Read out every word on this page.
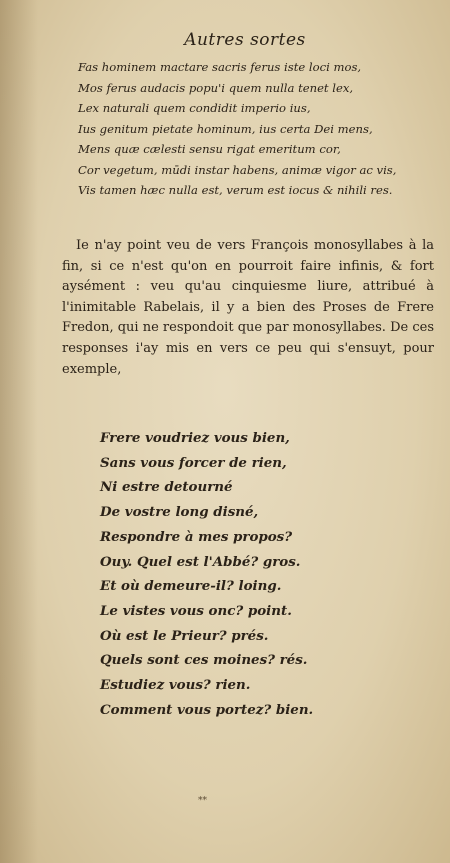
Autres sortes
Fas hominem mactare sacris ferus iste loci mos,
Mos ferus audacis popu'i quem nulla tenet lex,
Lex naturali quem condidit imperio ius,
Ius genitum pietate hominum, ius certa Dei mens,
Mens quæ cælesti sensu rigat emeritum cor,
Cor vegetum, mūdi instar habens, animæ vigor ac vis,
Vis tamen hæc nulla est, verum est iocus & nihili res.

Ie n'ay point veu de vers François monosyllabes à la fin, si ce n'est qu'on en pourroit faire infinis, & fort aysément : veu qu'au cinquiesme liure, attribué à l'inimitable Rabelais, il y a bien des Proses de Frere Fredon, qui ne respondoit que par monosyllabes. De ces responses i'ay mis en vers ce peu qui s'ensuyt, pour exemple,

Frere voudriez vous bien,
Sans vous forcer de rien,
Ni estre detourné
De vostre long disné,
Respondre à mes propos?
Ouy. Quel est l'Abbé? gros.
Et où demeure-il? loing.
Le vistes vous onc? point.
Où est le Prieur? prés.
Quels sont ces moines? rés.
Estudiez vous? rien.
Comment vous portez? bien.
**
